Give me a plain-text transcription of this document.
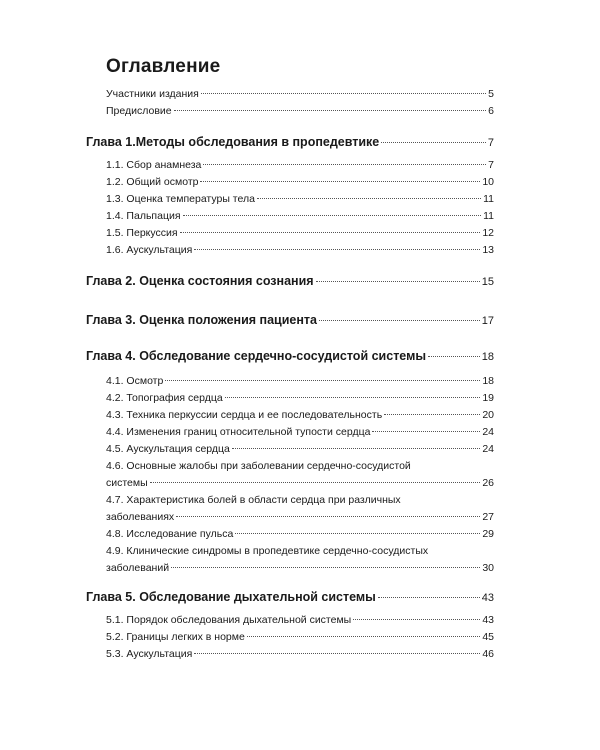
Оглавление
Участники издания	5
Предисловие	6
Глава 1.Методы обследования в пропедевтике	7
1.1. Сбор анамнеза	7
1.2. Общий осмотр	10
1.3. Оценка температуры тела	11
1.4. Пальпация	11
1.5. Перкуссия	12
1.6. Аускультация	13
Глава 2. Оценка состояния сознания	15
Глава 3. Оценка положения пациента	17
Глава 4. Обследование сердечно-сосудистой системы	18
4.1. Осмотр	18
4.2. Топография сердца	19
4.3. Техника перкуссии сердца и ее последовательность	20
4.4. Изменения границ относительной тупости сердца	24
4.5. Аускультация сердца	24
4.6. Основные жалобы при заболевании сердечно-сосудистой
системы	26
4.7. Характеристика болей в области сердца при различных
заболеваниях	27
4.8. Исследование пульса	29
4.9. Клинические синдромы в пропедевтике сердечно-сосудистых
заболеваний	30
Глава 5. Обследование дыхательной системы	43
5.1. Порядок обследования дыхательной системы	43
5.2. Границы легких в норме	45
5.3. Аускультация	46
